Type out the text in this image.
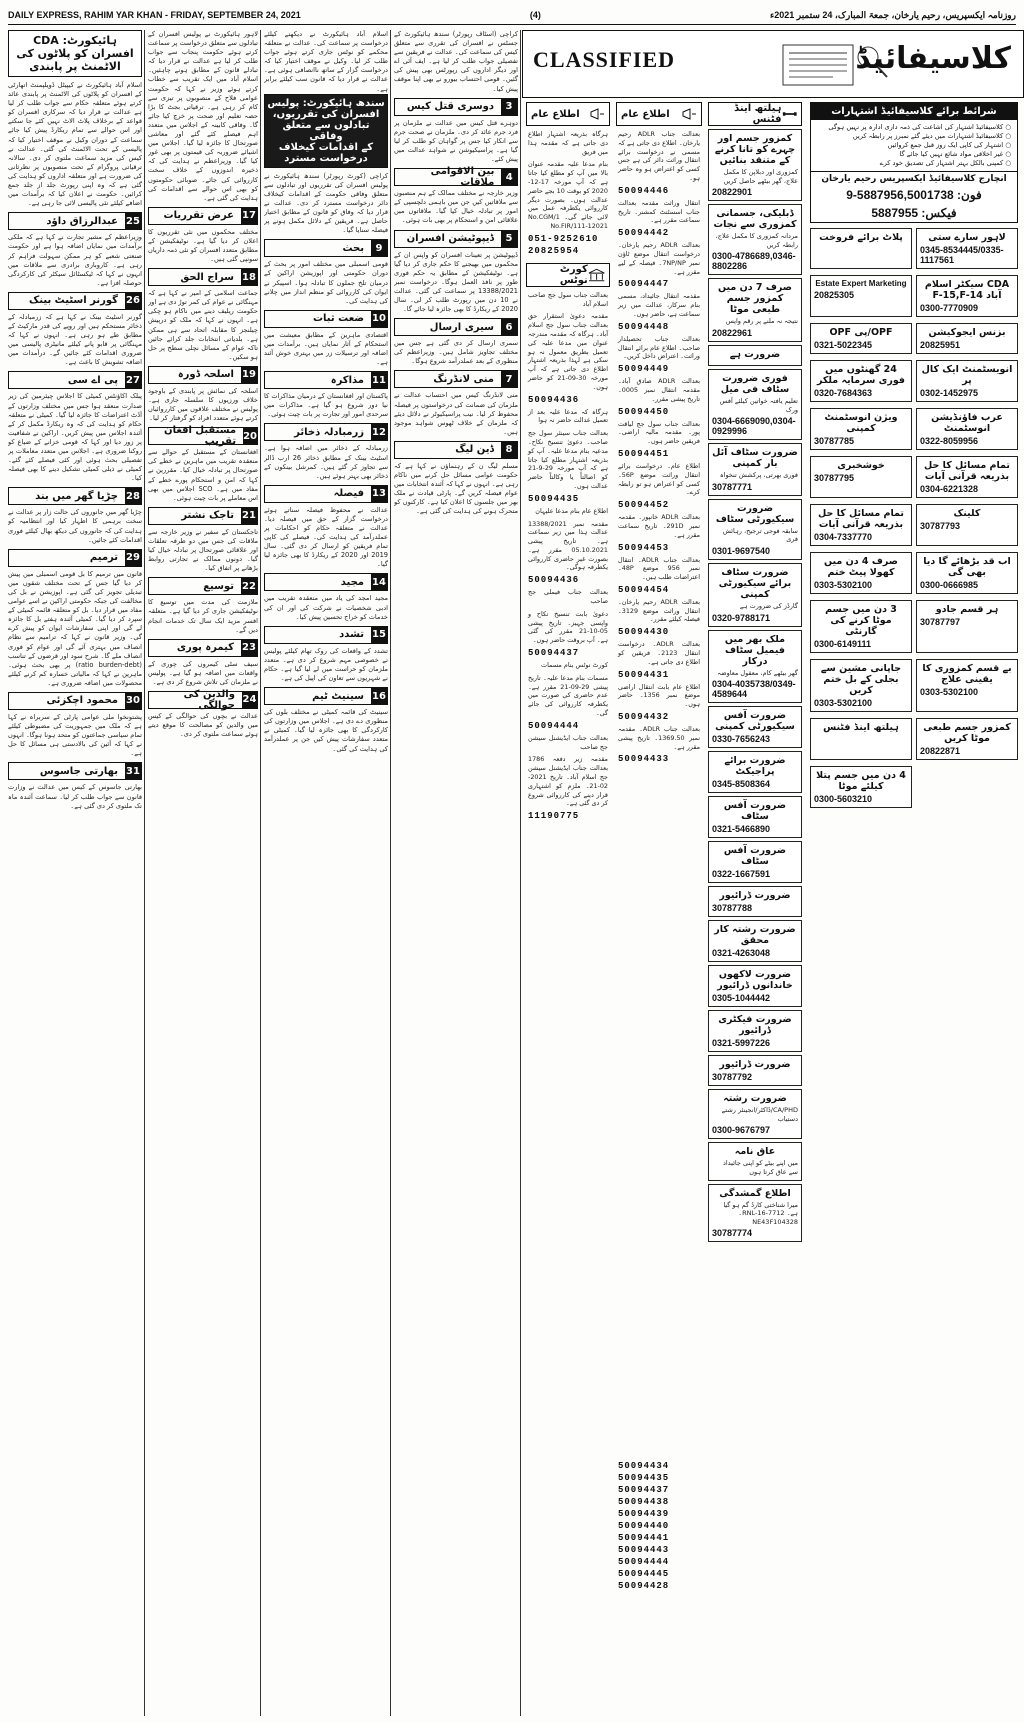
DAILY EXPRESS, RAHIM YAR KHAN - FRIDAY, SEPTEMBER 24, 2021	(4)	روزنامہ ایکسپریس، رحیم یارخان، جمعۃ المبارک، 24 ستمبر 2021ء
ہائیکورٹ: CDA افسران کو پلاٹوں کی الاٹمنٹ پر پابندی
اسلام آباد ہائیکورٹ نے کیپیٹل ڈویلپمنٹ اتھارٹی کے افسران کو پلاٹوں کی الاٹمنٹ پر پابندی عائد کرتے ہوئے متعلقہ حکام سے جواب طلب کر لیا ہے عدالت نے قرار دیا کہ سرکاری افسران کو قواعد کے برخلاف پلاٹ الاٹ نہیں کئے جا سکتے اور اس حوالے سے تمام ریکارڈ پیش کیا جائے سماعت کے دوران وکیل نے موقف اختیار کیا کہ پالیسی کے تحت الاٹمنٹ کی گئی۔ عدالت نے کیس کی مزید سماعت ملتوی کر دی۔ سالانہ ترقیاتی پروگرام کے تحت منصوبوں پر نظرثانی کی ضرورت ہے اور متعلقہ اداروں کو ہدایت کی گئی ہے کہ وہ اپنی رپورٹ جلد از جلد جمع کرائیں۔ حکومت نے اعلان کیا کہ برآمدات میں اضافے کیلئے نئی پالیسی لائی جا رہی ہے۔
25
عبدالرزاق داؤد
وزیراعظم کے مشیر تجارت نے کہا ہے کہ ملکی برآمدات میں نمایاں اضافہ ہوا ہے اور حکومت صنعتی شعبے کو ہر ممکن سہولت فراہم کر رہی ہے۔ کاروباری برادری سے ملاقات میں انہوں نے کہا کہ ٹیکسٹائل سیکٹر کی کارکردگی حوصلہ افزا ہے۔
26
گورنر اسٹیٹ بینک
گورنر اسٹیٹ بینک نے کہا ہے کہ زرمبادلہ کے ذخائر مستحکم ہیں اور روپے کی قدر مارکیٹ کے مطابق طے ہو رہی ہے۔ انہوں نے کہا کہ مہنگائی پر قابو پانے کیلئے مانیٹری پالیسی میں ضروری اقدامات کئے جائیں گے۔ درآمدات میں اضافہ تشویش کا باعث ہے۔
27
پی اے سی
پبلک اکاؤنٹس کمیٹی کا اجلاس چیئرمین کی زیر صدارت منعقد ہوا جس میں مختلف وزارتوں کے آڈٹ اعتراضات کا جائزہ لیا گیا۔ کمیٹی نے متعلقہ حکام کو ہدایت کی کہ وہ ریکارڈ مکمل کر کے آئندہ اجلاس میں پیش کریں۔ اراکین نے شفافیت پر زور دیا اور کہا کہ قومی خزانے کے ضیاع کو روکنا ضروری ہے۔ اجلاس میں متعدد معاملات پر تفصیلی بحث ہوئی اور کئی فیصلے کئے گئے۔ کمیٹی نے ذیلی کمیٹی تشکیل دینے کا بھی فیصلہ کیا۔
28
چڑیا گھر میں بند
چڑیا گھر میں جانوروں کی حالت زار پر عدالت نے سخت برہمی کا اظہار کیا اور انتظامیہ کو ہدایت کی کہ جانوروں کی دیکھ بھال کیلئے فوری اقدامات کئے جائیں۔
29
ترمیم
قانون میں ترمیم کا بل قومی اسمبلی میں پیش کر دیا گیا جس کے تحت مختلف شقوں میں تبدیلی تجویز کی گئی ہے۔ اپوزیشن نے بل کی مخالفت کی جبکہ حکومتی اراکین نے اسے عوامی مفاد میں قرار دیا۔ بل کو متعلقہ قائمہ کمیٹی کے سپرد کر دیا گیا۔ کمیٹی آئندہ ہفتے بل کا جائزہ لے گی اور اپنی سفارشات ایوان کو پیش کرے گی۔ وزیر قانون نے کہا کہ ترامیم سے نظام انصاف میں بہتری آئے گی اور عوام کو فوری انصاف ملے گا۔ شرح سود اور قرضوں کے تناسب (ratio burden-debt) پر بھی بحث ہوئی۔ ماہرین نے کہا کہ مالیاتی خسارہ کم کرنے کیلئے محصولات میں اضافہ ضروری ہے۔
30
محمود اچکزئی
پشتونخوا ملی عوامی پارٹی کے سربراہ نے کہا ہے کہ ملک میں جمہوریت کی مضبوطی کیلئے تمام سیاسی جماعتوں کو متحد ہونا ہوگا۔ انہوں نے کہا کہ آئین کی بالادستی ہی مسائل کا حل ہے۔
31
بھارتی جاسوس
بھارتی جاسوس کے کیس میں عدالت نے وزارت قانون سے جواب طلب کر لیا۔ سماعت آئندہ ماہ تک ملتوی کر دی گئی ہے۔
لاہور ہائیکورٹ نے پولیس افسران کے تبادلوں سے متعلق درخواست پر سماعت کرتے ہوئے حکومت پنجاب سے جواب طلب کر لیا ہے عدالت نے قرار دیا کہ تبادلے قانون کے مطابق ہونے چاہئیں۔ اسلام آباد میں ایک تقریب سے خطاب کرتے ہوئے وزیر نے کہا کہ حکومت عوامی فلاح کے منصوبوں پر تیزی سے کام کر رہی ہے۔ ترقیاتی بجٹ کا بڑا حصہ تعلیم اور صحت پر خرچ کیا جائے گا۔ وفاقی کابینہ کے اجلاس میں متعدد اہم فیصلے کئے گئے اور معاشی صورتحال کا جائزہ لیا گیا۔ اجلاس میں اشیائے ضروریہ کی قیمتوں پر بھی غور کیا گیا۔ وزیراعظم نے ہدایت کی کہ ذخیرہ اندوزوں کے خلاف سخت کارروائی کی جائے۔ صوبائی حکومتوں کو بھی اس حوالے سے اقدامات کی ہدایت کی گئی ہے۔
17
عرض تقرریات
مختلف محکموں میں نئی تقرریوں کا اعلان کر دیا گیا ہے۔ نوٹیفکیشن کے مطابق متعدد افسران کو نئی ذمہ داریاں سونپی گئی ہیں۔
18
سراج الحق
جماعت اسلامی کے امیر نے کہا ہے کہ مہنگائی نے عوام کی کمر توڑ دی ہے اور حکومت ریلیف دینے میں ناکام ہو چکی ہے۔ انہوں نے کہا کہ ملک کو درپیش چیلنجز کا مقابلہ اتحاد سے ہی ممکن ہے۔ بلدیاتی انتخابات جلد کرائے جائیں تاکہ عوام کے مسائل نچلی سطح پر حل ہو سکیں۔
19
اسلحہ ڈورہ
اسلحہ کی نمائش پر پابندی کے باوجود خلاف ورزیوں کا سلسلہ جاری ہے۔ پولیس نے مختلف علاقوں میں کارروائیاں کرتے ہوئے متعدد افراد کو گرفتار کر لیا۔
20
مستقبل افغان تقریب
افغانستان کے مستقبل کے حوالے سے منعقدہ تقریب میں ماہرین نے خطے کی صورتحال پر تبادلہ خیال کیا۔ مقررین نے کہا کہ امن و استحکام پورے خطے کے مفاد میں ہے۔ SCO اجلاس میں بھی اس معاملے پر بات چیت ہوئی۔
21
تاجک نشتر
تاجکستان کے سفیر نے وزیر خارجہ سے ملاقات کی جس میں دو طرفہ تعلقات اور علاقائی صورتحال پر تبادلہ خیال کیا گیا۔ دونوں ممالک نے تجارتی روابط بڑھانے پر اتفاق کیا۔
22
توسیع
ملازمت کی مدت میں توسیع کا نوٹیفکیشن جاری کر دیا گیا ہے۔ متعلقہ افسر مزید ایک سال تک خدمات انجام دیں گے۔
23
کیمرہ پوری
سیف سٹی کیمروں کی چوری کے واقعات میں اضافہ ہو گیا ہے۔ پولیس نے ملزمان کی تلاش شروع کر دی ہے۔
24
والدین کی حوالگی
عدالت نے بچوں کی حوالگی کے کیس میں والدین کو مصالحت کا موقع دیتے ہوئے سماعت ملتوی کر دی۔
اسلام آباد ہائیکورٹ نے دیکھنے کیلئے درخواست پر سماعت کی۔ عدالت نے متعلقہ محکمے کو نوٹس جاری کرتے ہوئے جواب طلب کر لیا۔ وکیل نے موقف اختیار کیا کہ درخواست گزار کے ساتھ ناانصافی ہوئی ہے۔ عدالت نے قرار دیا کہ قانون سب کیلئے برابر ہے۔
سندھ ہائیکورٹ: پولیس افسران کی تقرریوں، تبادلوں سے متعلق وفاقی
کے اقدامات کیخلاف درخواست مسترد
کراچی (کورٹ رپورٹر) سندھ ہائیکورٹ نے پولیس افسران کی تقرریوں اور تبادلوں سے متعلق وفاقی حکومت کے اقدامات کیخلاف دائر درخواست مسترد کر دی۔ عدالت نے قرار دیا کہ وفاق کو قانون کے مطابق اختیار حاصل ہے۔ فریقین کے دلائل مکمل ہونے پر فیصلہ سنایا گیا۔
9
بحث
قومی اسمبلی میں مختلف امور پر بحث کے دوران حکومتی اور اپوزیشن اراکین کے درمیان تلخ جملوں کا تبادلہ ہوا۔ اسپیکر نے ایوان کی کارروائی کو منظم انداز میں چلانے کی ہدایت کی۔
10
ضعت ثبات
اقتصادی ماہرین کے مطابق معیشت میں استحکام کے آثار نمایاں ہیں۔ برآمدات میں اضافہ اور ترسیلات زر میں بہتری خوش آئند ہے۔
11
مذاکرہ
پاکستان اور افغانستان کے درمیان مذاکرات کا نیا دور شروع ہو گیا ہے۔ مذاکرات میں سرحدی امور اور تجارت پر بات چیت ہوئی۔
12
زرمبادلہ ذخائر
زرمبادلہ کے ذخائر میں اضافہ ہوا ہے۔ اسٹیٹ بینک کے مطابق ذخائر 26 ارب ڈالر سے تجاوز کر گئے ہیں۔ کمرشل بینکوں کے ذخائر بھی بہتر ہوئے ہیں۔
13
فیصلہ
عدالت نے محفوظ فیصلہ سناتے ہوئے درخواست گزار کے حق میں فیصلہ دیا۔ عدالت نے متعلقہ حکام کو احکامات پر عملدرآمد کی ہدایت کی۔ فیصلے کی کاپی تمام فریقین کو ارسال کر دی گئی۔ سال 2019 اور 2020 کے ریکارڈ کا بھی جائزہ لیا گیا۔
14
مجید
مجید امجد کی یاد میں منعقدہ تقریب میں ادبی شخصیات نے شرکت کی اور ان کی خدمات کو خراج تحسین پیش کیا۔
15
تشدد
تشدد کے واقعات کی روک تھام کیلئے پولیس نے خصوصی مہم شروع کر دی ہے۔ متعدد ملزمان کو حراست میں لے لیا گیا ہے۔ حکام نے شہریوں سے تعاون کی اپیل کی ہے۔
16
سینیٹ ٹیم
سینیٹ کی قائمہ کمیٹی نے مختلف بلوں کی منظوری دے دی ہے۔ اجلاس میں وزارتوں کی کارکردگی کا بھی جائزہ لیا گیا۔ کمیٹی نے متعدد سفارشات پیش کیں جن پر عملدرآمد کی ہدایت کی گئی۔
کراچی (اسٹاف رپورٹر) سندھ ہائیکورٹ کے جسٹس نے افسران کی تقرری سے متعلق کیس کی سماعت کی۔ عدالت نے فریقین سے تفصیلی جواب طلب کر لیا ہے۔ ایف آئی اے اور دیگر اداروں کی رپورٹس بھی پیش کی گئیں۔ قومی احتساب بیورو نے بھی اپنا موقف پیش کیا۔
3
دوسری قتل کیس
دوہرے قتل کیس میں عدالت نے ملزمان پر فرد جرم عائد کر دی۔ ملزمان نے صحت جرم سے انکار کیا جس پر گواہان کو طلب کر لیا گیا ہے۔ پراسیکیوشن نے شواہد عدالت میں پیش کئے۔
4
بین الاقوامی ملاقات
وزیر خارجہ نے مختلف ممالک کے ہم منصبوں سے ملاقاتیں کیں جن میں باہمی دلچسپی کے امور پر تبادلہ خیال کیا گیا۔ ملاقاتوں میں علاقائی امن و استحکام پر بھی بات ہوئی۔
5
ڈیپوٹیشن افسران
ڈیپوٹیشن پر تعینات افسران کو واپس ان کے محکموں میں بھیجنے کا حکم جاری کر دیا گیا ہے۔ نوٹیفکیشن کے مطابق یہ حکم فوری طور پر نافذ العمل ہوگا۔ درخواست نمبر 13388/2021 پر سماعت کی گئی۔ عدالت نے 10 دن میں رپورٹ طلب کر لی۔ سال 2020 کے ریکارڈ کا بھی جائزہ لیا جائے گا۔
6
سیری ارسال
سمری ارسال کر دی گئی ہے جس میں مختلف تجاویز شامل ہیں۔ وزیراعظم کی منظوری کے بعد عملدرآمد شروع ہوگا۔
7
منی لانڈرنگ
منی لانڈرنگ کیس میں احتساب عدالت نے ملزمان کی ضمانت کی درخواستوں پر فیصلہ محفوظ کر لیا۔ نیب پراسیکیوٹر نے دلائل دیئے کہ ملزمان کے خلاف ٹھوس شواہد موجود ہیں۔
8
ڈین لیگ
مسلم لیگ ن کے رہنماؤں نے کہا ہے کہ حکومت عوامی مسائل حل کرنے میں ناکام رہی ہے۔ انہوں نے کہا کہ آئندہ انتخابات میں عوام فیصلہ کریں گے۔ پارٹی قیادت نے ملک بھر میں جلسوں کا اعلان کیا ہے۔ کارکنوں کو متحرک ہونے کی ہدایت کی گئی ہے۔
CLASSIFIED	کلاسیفائیڈ
اطلاع عام
ہرگاہ بذریعہ اشتہار اطلاع دی جاتی ہے کہ مقدمہ ہذا میں فریق
بنام مدعا علیہ مقدمہ عنوان بالا میں آپ کو مطلع کیا جاتا ہے کہ آپ مورخہ 17-12-2020 کو بوقت 10 بجے حاضر عدالت ہوں۔ بصورت دیگر کارروائی یکطرفہ عمل میں لائی جائے گی۔ No.CGM/1 No.FIR/111-12021
051-9252610
20825954
کورٹ نوٹس
بعدالت جناب سول جج صاحب اسلام آباد
مقدمہ دعویٰ استقرار حق بعدالت جناب سول جج اسلام آباد۔ ہرگاہ کہ مقدمہ مندرجہ عنوان میں مدعا علیہ کی تعمیل بطریق معمول نہ ہو سکی ہے لہذا بذریعہ اشتہار اطلاع دی جاتی ہے کہ آپ مورخہ 30-09-21 کو حاضر ہوں۔
50094436
ہرگاہ کہ مدعا علیہ بعد از تعمیل عدالت حاضر نہ ہوا
بعدالت جناب سینئر سول جج صاحب۔ دعویٰ تنسیخ نکاح۔ مدعیہ بنام مدعا علیہ۔ آپ کو بذریعہ اشتہار مطلع کیا جاتا ہے کہ آپ مورخہ 29-9-21 کو اصالتاً یا وکالتاً حاضر عدالت ہوں۔
50094435
اطلاع عام بنام مدعا علیہان
مقدمہ نمبر 13388/2021 عدالت ہذا میں زیر سماعت ہے۔ تاریخ پیشی 05.10.2021 مقرر ہے۔ بصورت غیر حاضری کارروائی یکطرفہ ہوگی۔
50094436
بعدالت جناب فیملی جج صاحب
دعویٰ بابت تنسیخ نکاح و واپسی جہیز۔ تاریخ پیشی 05-10-21 مقرر کی گئی ہے۔ آپ بروقت حاضر ہوں۔
50094437
کورٹ نوٹس بنام مسمات
مسمات بنام مدعا علیہ۔ تاریخ پیشی 29-09-21 مقرر ہے۔ عدم حاضری کی صورت میں یکطرفہ کارروائی کی جائے گی۔
50094444
بعدالت جناب ایڈیشنل سیشن جج صاحب
مقدمہ زیر دفعہ 1786 بعدالت جناب ایڈیشنل سیشن جج اسلام آباد۔ تاریخ 2021-02-21۔ ملزم کو اشتہاری قرار دینے کی کارروائی شروع کر دی گئی ہے۔
11190775
اطلاع عام
بعدالت جناب ADLR رحیم یارخان۔ اطلاع دی جاتی ہے کہ مسمی نے درخواست برائے انتقال وراثت دائر کی ہے جس کسی کو اعتراض ہو وہ حاضر ہو۔
50094446
انتقال وراثت مقدمہ بعدالت جناب اسسٹنٹ کمشنر۔ تاریخ سماعت مقرر ہے۔
50094442
بعدالت ADLR رحیم یارخان۔ درخواست انتقال موضع ٹاؤن نمبر 7NP/NP۔ فیصلہ کے لیے مقرر ہے۔
50094447
مقدمہ انتقال جائیداد، مسمی بنام سرکار، عدالت میں زیر سماعت ہے، حاضر ہوں۔
50094448
بعدالت جناب تحصیلدار صاحب۔ اطلاع عام برائے انتقال وراثت۔ اعتراض داخل کریں۔
50094449
بعدالت ADLR صادق آباد۔ مقدمہ انتقال نمبر 0005۔ تاریخ پیشی مقرر۔
50094450
بعدالت جناب سول جج لیاقت پور۔ مقدمہ مالیہ اراضی۔ فریقین حاضر ہوں۔
50094451
اطلاع عام۔ درخواست برائے انتقال وراثت موضع 56P۔ کسی کو اعتراض ہو تو رابطہ کرے۔
50094452
بعدالت ADLR خانپور۔ مقدمہ نمبر 291D۔ تاریخ سماعت مقرر ہے۔
50094453
بعدالت جناب ADLR۔ انتقال نمبر 956 موضع 48P۔ اعتراضات طلب ہیں۔
50094454
بعدالت ADLR رحیم یارخان۔ انتقال وراثت موضع 3129۔ فیصلہ کیلئے مقرر۔
50094430
بعدالت ADLR۔ درخواست انتقال 2123۔ فریقین کو اطلاع دی جاتی ہے۔
50094431
اطلاع عام بابت انتقال اراضی موضع نمبر 1356۔ حاضر ہوں۔
50094432
بعدالت جناب ADLR۔ مقدمہ نمبر 1369.50۔ تاریخ پیشی مقرر ہے۔
50094433
ہیلتھ اینڈ فٹنس
کمزور جسم اور چہرے کو تانا کرنے کے متنقد بنائیں
کمزوری اور دبلاپن کا مکمل علاج، گھر بیٹھے حاصل کریں
20822901
ڈبلیکی، جسمانی کمزوری سے نجات
مردانہ کمزوری کا مکمل علاج، رابطہ کریں
0300-4786689,0346-8802286
صرف 7 دن میں کمزور جسم طبعی موٹا
نتیجہ نہ ملنے پر رقم واپس
20822961
ضرورت ہے
فوری ضرورت سٹاف فی میل
تعلیم یافتہ خواتین کیلئے آفس ورک
0304-6669090,0304-0929996
ضرورت سٹاف آئل بار کمپنی
فوری بھرتی، پرکشش تنخواہ
30787771
ضرورت سیکیورٹی سٹاف
سابقہ فوجی ترجیح، رہائش فری
0301-9697540
ضرورت سٹاف برائے سیکیورٹی کمپنی
گارڈز کی ضرورت ہے
0320-9788171
ملک بھر میں فیمیل سٹاف درکار
گھر بیٹھے کام، معقول معاوضہ
0304-4035738/0349-4589644
ضرورت آفس سیکیورٹی کمپنی
0330-7656243
ضرورت برائے پراجیکٹ
0345-8508364
ضرورت آفس سٹاف
0321-5466890
ضرورت آفس سٹاف
0322-1667591
ضرورت ڈرائیور
30787788
ضرورت رشتہ کار محقق
0321-4263048
ضرورت لاکھوں خاندانوں ڈرائیور
0305-1044442
ضرورت فیکٹری ڈرائیور
0321-5997226
ضرورت ڈرائیور
30787792
ضرورت رشتہ
CA/PHD/ڈاکٹر/انجینئر رشتے دستیاب
0300-9676797
عاق نامہ
میں اپنے بیٹے کو اپنی جائیداد سے عاق کرتا ہوں
اطلاع گمشدگی
میرا شناختی کارڈ گم ہو گیا ہے۔ RNL-16-7712۔ NE43F104328
30787774
شرائط برائے کلاسیفائیڈ اشتہارات
○ کلاسیفائیڈ اشتہار کی اشاعت کی ذمہ داری ادارہ پر نہیں ہوگی
○ کلاسیفائیڈ اشتہارات میں دیئے گئے نمبرز پر رابطہ کریں
○ اشتہار کی کاپی ایک روز قبل جمع کروائیں
○ غیر اخلاقی مواد شائع نہیں کیا جائے گا
○ کمپنی بالکل بہتر اشتہار کی تصدیق خود کرے
انچارج کلاسیفائیڈ ایکسپریس رحیم یارخان
فون: 5887956,5001738-9
فیکس: 5887955
پلاٹ برائے فروخت	لاہور سارے ستی
0345-8534445/0335-1117561
Estate Expert Marketing
20825305
CDA سیکٹر اسلام آباد F-15,F-14
0300-7770909
OPF/پی OPF
0321-5022345
بزنس ایجوکیشن
20825951
24 گھنٹوں میں فوری سرمایہ ملکر
0320-7684363
انویسٹمنٹ ایک کال پر
0302-1452975
ویژن انوسٹمنٹ کمپنی
30787785
عرب فاؤنڈیشن انوسٹمنٹ
0322-8059956
خوشخبری
30787795
تمام مسائل کا حل بذریعہ قرآنی آیات
0304-6221328
تمام مسائل کا حل بذریعہ قرآنی آیات
0304-7337770
کلینک
30787793
صرف 4 دن میں کھولا پیٹ ختم
0303-5302100
اب قد بڑھائے گا دیا بھی گی
0300-0666985
3 دن میں جسم موٹا کرنے کی گارنٹی
0300-6149111
ہر قسم جادو
30787797
جاپانی مشین سے بجلی کے بل ختم کریں
0303-5302100
بے قسم کمزوری کا یقینی علاج
0303-5302100
ہیلتھ اینڈ فٹنس	کمزور جسم طبعی موٹا کریں
20822871
4 دن میں جسم پتلا کیلئے موٹا
0300-5603210
50094434
50094435
50094437
50094438
50094439
50094440
50094441
50094443
50094444
50094445
50094428
